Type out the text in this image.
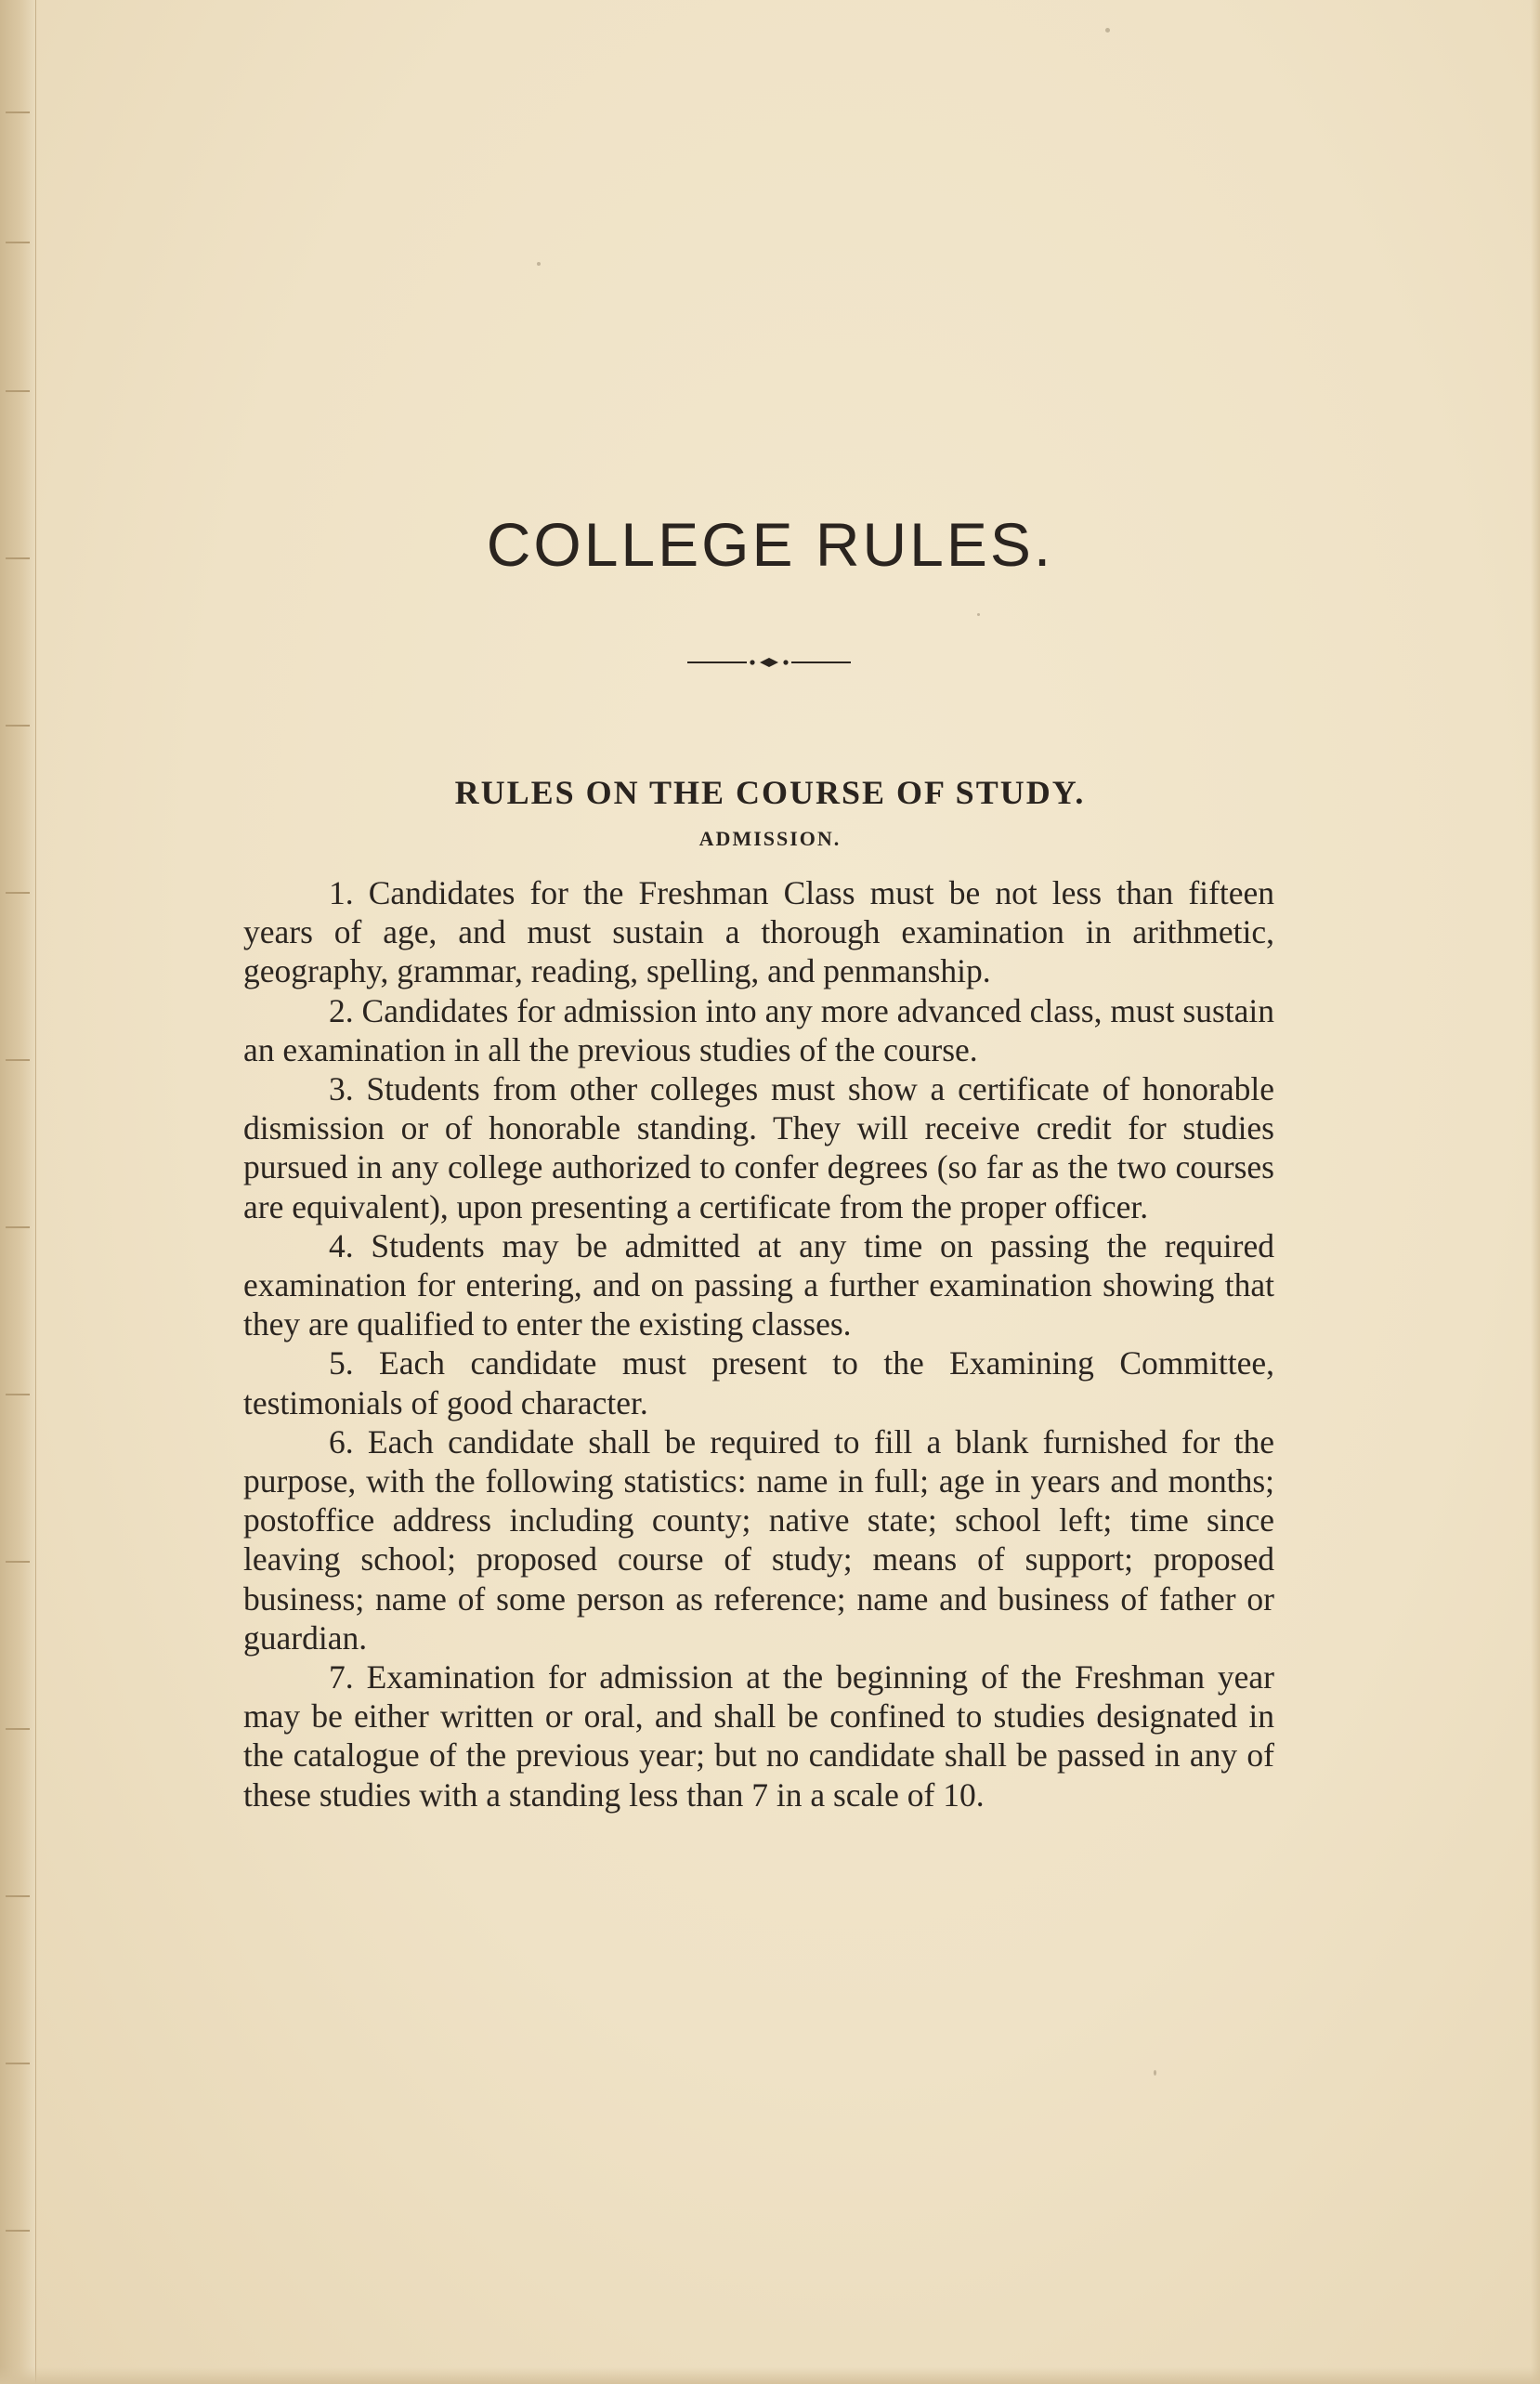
COLLEGE RULES.
RULES ON THE COURSE OF STUDY.
ADMISSION.
1. Candidates for the Freshman Class must be not less than fifteen years of age, and must sustain a thorough examination in arithmetic, geography, grammar, reading, spelling, and penmanship.
2. Candidates for admission into any more advanced class, must sustain an examination in all the previous studies of the course.
3. Students from other colleges must show a certificate of honorable dismission or of honorable standing. They will receive credit for studies pursued in any college authorized to confer degrees (so far as the two courses are equivalent), upon presenting a certificate from the proper officer.
4. Students may be admitted at any time on passing the required examination for entering, and on passing a further examination showing that they are qualified to enter the existing classes.
5. Each candidate must present to the Examining Committee, testimonials of good character.
6. Each candidate shall be required to fill a blank furnished for the purpose, with the following statistics: name in full; age in years and months; postoffice address including county; native state; school left; time since leaving school; proposed course of study; means of support; proposed business; name of some person as reference; name and business of father or guardian.
7. Examination for admission at the beginning of the Freshman year may be either written or oral, and shall be confined to studies designated in the catalogue of the previous year; but no candidate shall be passed in any of these studies with a standing less than 7 in a scale of 10.
